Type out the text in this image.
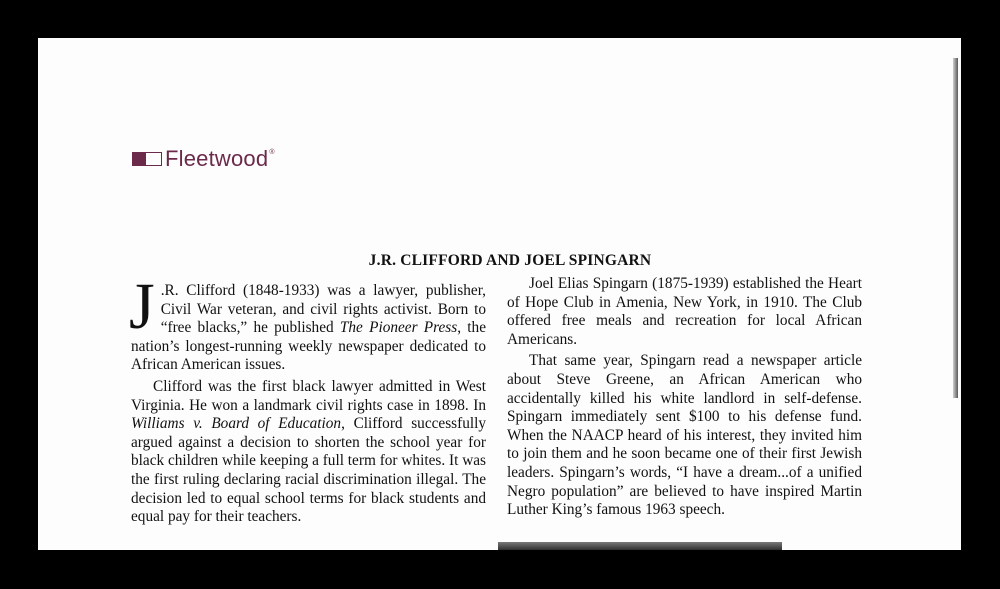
Fleetwood ®
J.R. CLIFFORD AND JOEL SPINGARN

J .R. Clifford (1848-1933) was a lawyer, publisher, Civil War veteran, and civil rights activist. Born to “free blacks,” he published The Pioneer Press, the nation’s longest-running weekly newspaper dedicated to African American issues.

Clifford was the first black lawyer admitted in West Virginia. He won a landmark civil rights case in 1898. In Williams v. Board of Education, Clifford successfully argued against a decision to shorten the school year for black children while keeping a full term for whites. It was the first ruling declaring racial discrimination illegal. The decision led to equal school terms for black students and equal pay for their teachers.

Joel Elias Spingarn (1875-1939) established the Heart of Hope Club in Amenia, New York, in 1910. The Club offered free meals and recreation for local African Americans.

That same year, Spingarn read a newspaper article about Steve Greene, an African American who accidentally killed his white landlord in self-defense. Spingarn immediately sent $100 to his defense fund. When the NAACP heard of his interest, they invited him to join them and he soon became one of their first Jewish leaders. Spingarn’s words, “I have a dream...of a unified Negro population” are believed to have inspired Martin Luther King’s famous 1963 speech.
